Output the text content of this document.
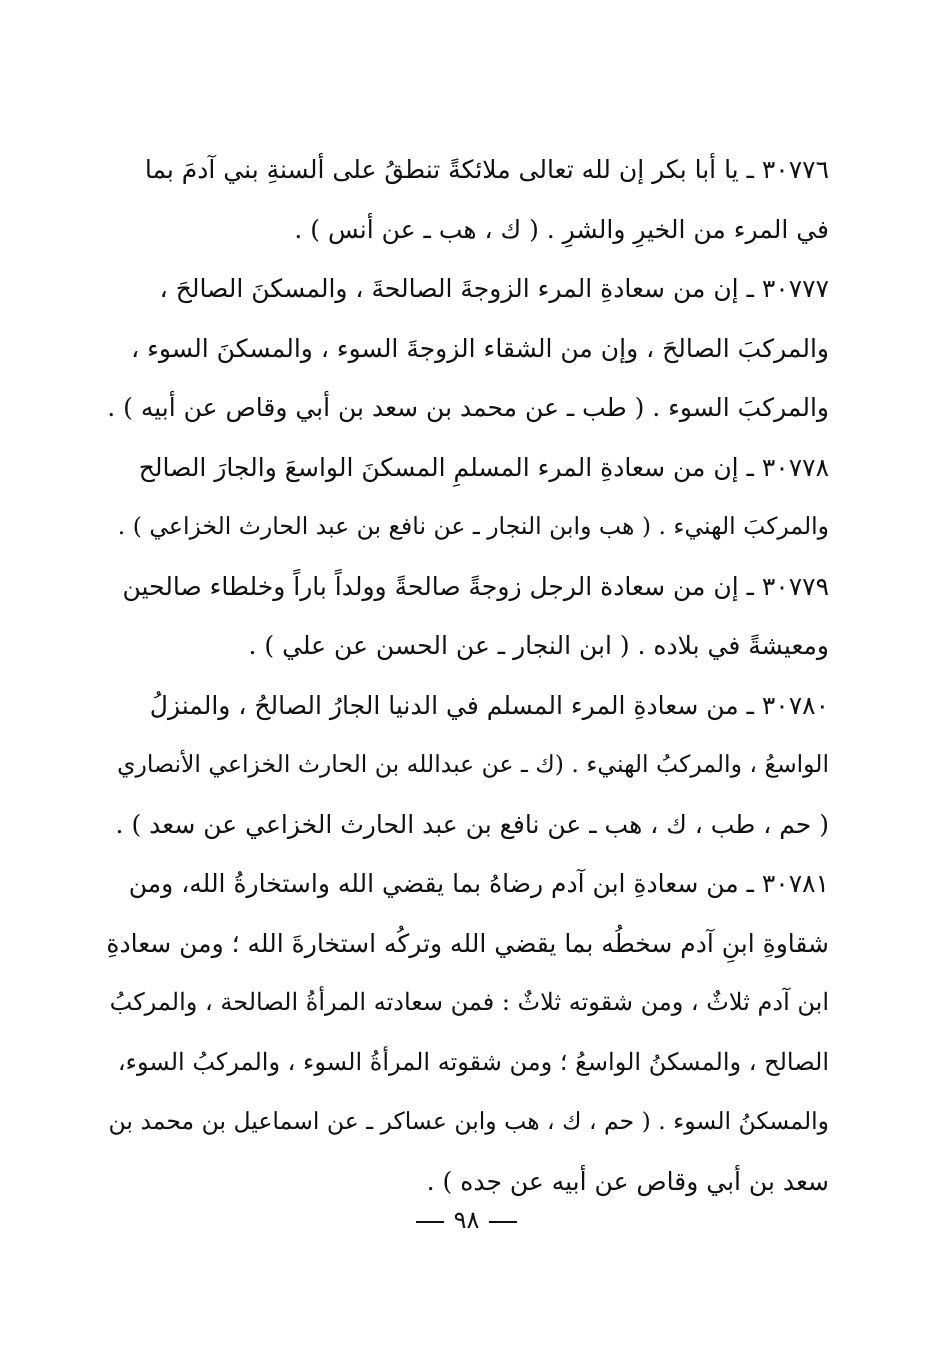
٣٠٧٧٦ ـ يا أبا بكر إن لله تعالى ملائكةً تنطقُ على ألسنةِ بني آدمَ بما
في المرء من الخيرِ والشرِ . ( ك ، هب ـ عن أنس ) .

٣٠٧٧٧ ـ إن من سعادةِ المرء الزوجةَ الصالحةَ ، والمسكنَ الصالحَ ،
والمركبَ الصالحَ ، وإن من الشقاء الزوجةَ السوء ، والمسكنَ السوء ،
والمركبَ السوء . ( طب ـ عن محمد بن سعد بن أبي وقاص عن أبيه ) .

٣٠٧٧٨ ـ إن من سعادةِ المرء المسلمِ المسكنَ الواسعَ والجارَ الصالح
والمركبَ الهنيء . ( هب وابن النجار ـ عن نافع بن عبد الحارث الخزاعي ) .

٣٠٧٧٩ ـ إن من سعادة الرجل زوجةً صالحةً وولداً باراً وخلطاء صالحين
ومعيشةً في بلاده . ( ابن النجار ـ عن الحسن عن علي ) .

٣٠٧٨٠ ـ من سعادةِ المرء المسلم في الدنيا الجارُ الصالحُ ، والمنزلُ
الواسعُ ، والمركبُ الهنيء . (ك ـ عن عبدالله بن الحارث الخزاعي الأنصاري
( حم ، طب ، ك ، هب ـ عن نافع بن عبد الحارث الخزاعي عن سعد ) .

٣٠٧٨١ ـ من سعادةِ ابن آدم رضاهُ بما يقضي الله واستخارةُ الله، ومن
شقاوةِ ابنِ آدم سخطُه بما يقضي الله وتركُه استخارةَ الله ؛ ومن سعادةِ
ابن آدم ثلاثٌ ، ومن شقوته ثلاثٌ : فمن سعادته المرأةُ الصالحة ، والمركبُ
الصالح ، والمسكنُ الواسعُ ؛ ومن شقوته المرأةُ السوء ، والمركبُ السوء،
والمسكنُ السوء . ( حم ، ك ، هب وابن عساكر ـ عن اسماعيل بن محمد بن
سعد بن أبي وقاص عن أبيه عن جده ) .

٩٨
